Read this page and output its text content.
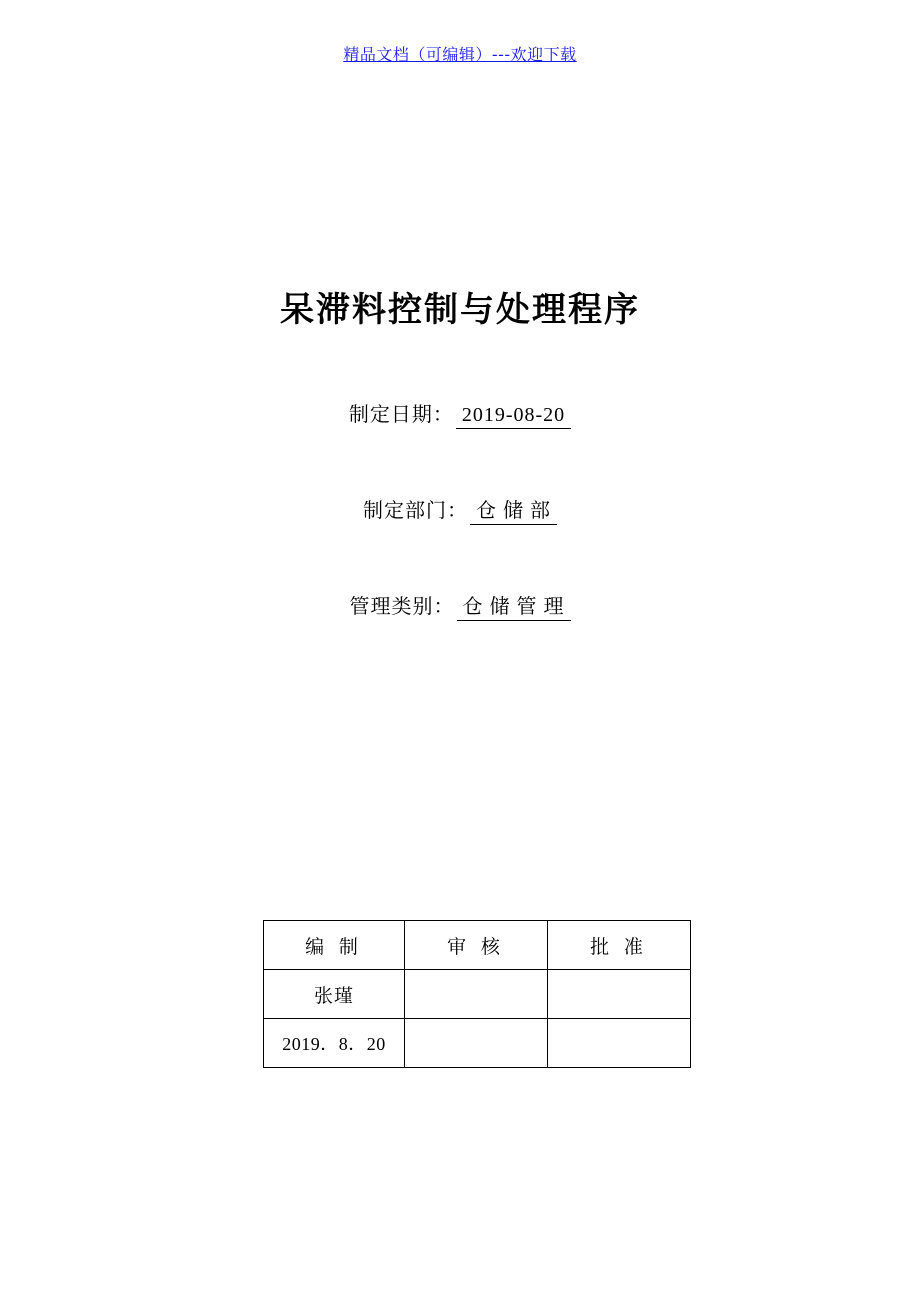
精品文档（可编辑）---欢迎下载
呆滞料控制与处理程序
制定日期： 2019-08-20
制定部门： 仓 储 部
管理类别： 仓 储 管 理
编 制	审 核	批 准
张瑾		
2019．8．20		
